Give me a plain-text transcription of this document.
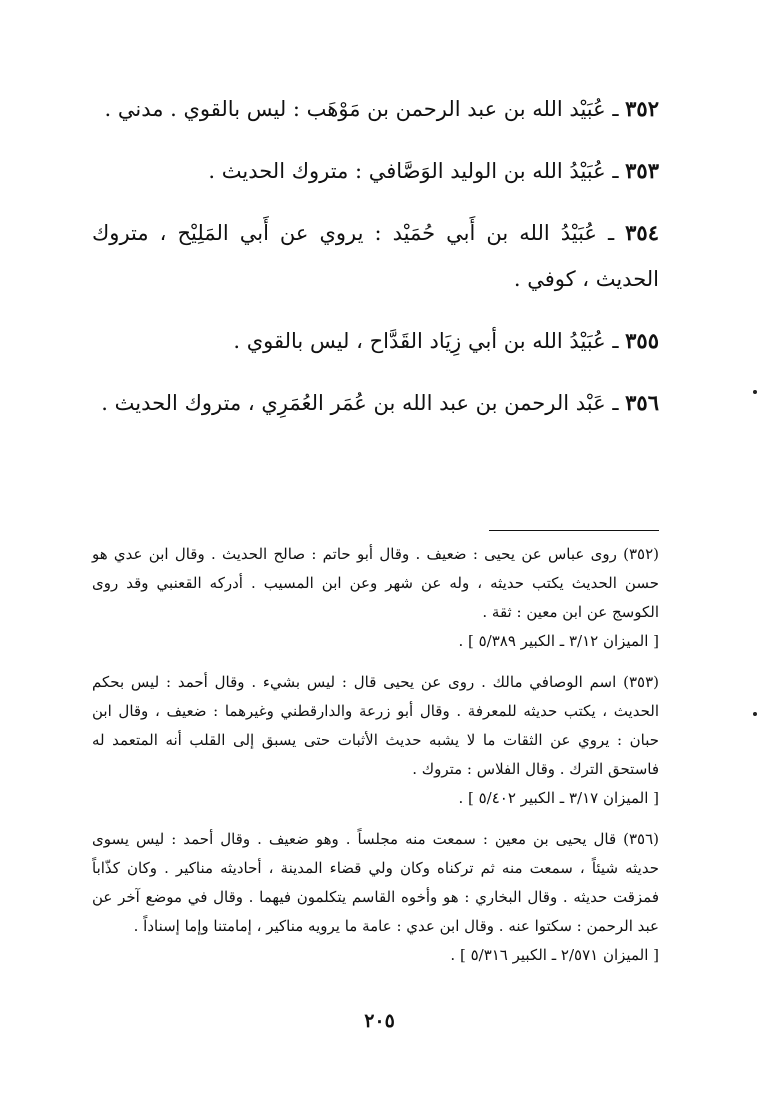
٣٥٢ ـ عُبَيْد الله بن عبد الرحمن بن مَوْهَب : ليس بالقوي . مدني .

٣٥٣ ـ عُبَيْدُ الله بن الوليد الوَصَّافي : متروك الحديث .

٣٥٤ ـ عُبَيْدُ الله بن أَبي حُمَيْد : يروي عن أَبي المَلِيْح ، متروك الحديث ، كوفي .

٣٥٥ ـ عُبَيْدُ الله بن أبي زِيَاد القَدَّاح ، ليس بالقوي .

٣٥٦ ـ عَبْد الرحمن بن عبد الله بن عُمَر العُمَرِي ، متروك الحديث .

(٣٥٢) روى عباس عن يحيى : ضعيف . وقال أبو حاتم : صالح الحديث . وقال ابن عدي هو حسن الحديث يكتب حديثه ، وله عن شهر وعن ابن المسيب . أدركه القعنبي وقد روى الكوسج عن ابن معين : ثقة .
[ الميزان ٣/١٢ ـ الكبير ٥/٣٨٩ ] .

(٣٥٣) اسم الوصافي مالك . روى عن يحيى قال : ليس بشيء . وقال أحمد : ليس بحكم الحديث ، يكتب حديثه للمعرفة . وقال أبو زرعة والدارقطني وغيرهما : ضعيف ، وقال ابن حبان : يروي عن الثقات ما لا يشبه حديث الأثبات حتى يسبق إلى القلب أنه المتعمد له فاستحق الترك . وقال الفلاس : متروك .
[ الميزان ٣/١٧ ـ الكبير ٥/٤٠٢ ] .

(٣٥٦) قال يحيى بن معين : سمعت منه مجلساً . وهو ضعيف . وقال أحمد : ليس يسوى حديثه شيئاً ، سمعت منه ثم تركناه وكان ولي قضاء المدينة ، أحاديثه مناكير . وكان كذّاباً فمزقت حديثه . وقال البخاري : هو وأخوه القاسم يتكلمون فيهما . وقال في موضع آخر عن عبد الرحمن : سكتوا عنه . وقال ابن عدي : عامة ما يرويه مناكير ، إمامتنا وإما إسناداً .
[ الميزان ٢/٥٧١ ـ الكبير ٥/٣١٦ ] .

٢٠٥
